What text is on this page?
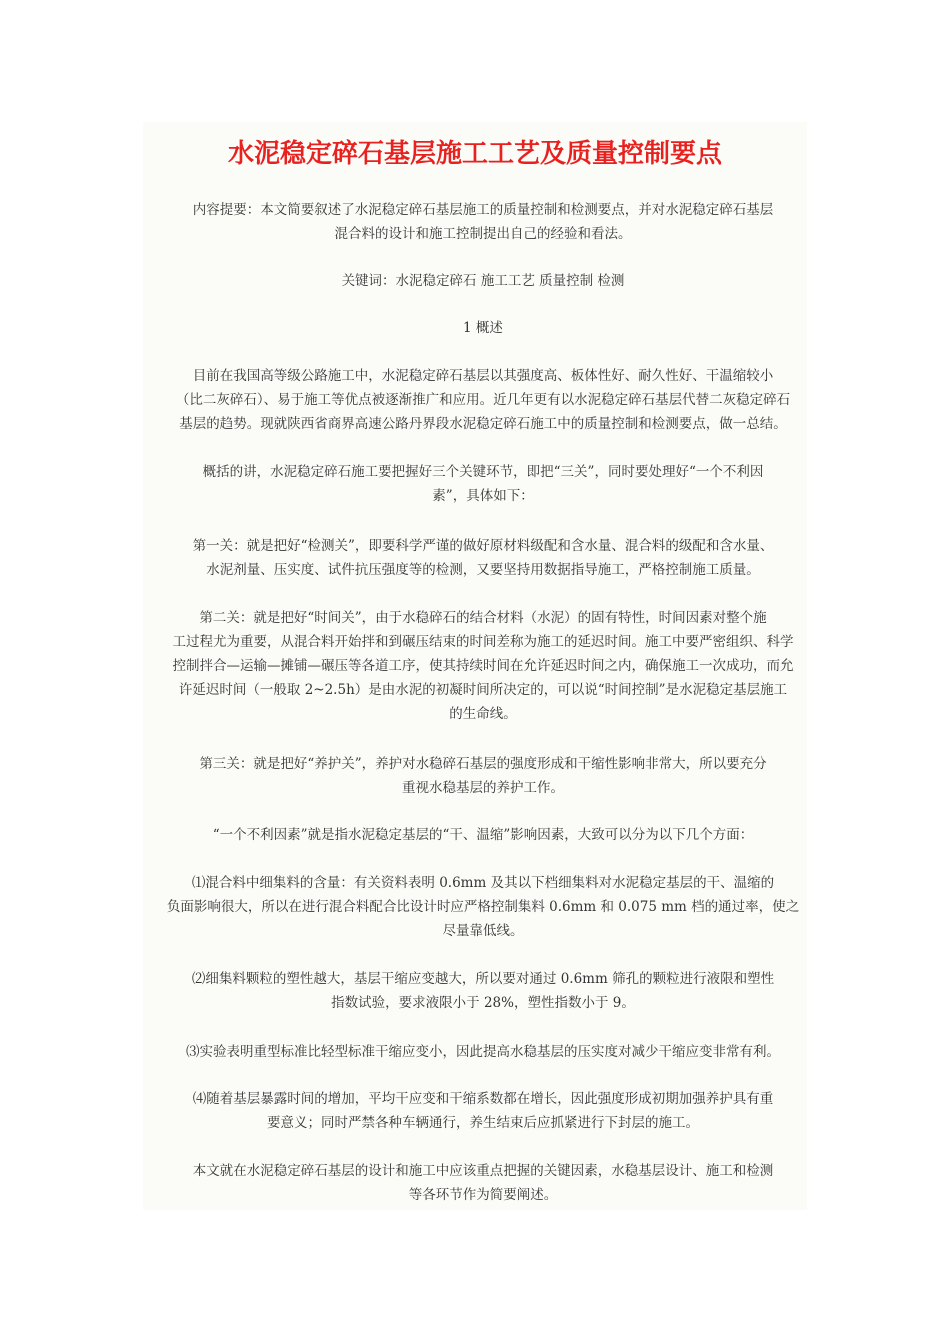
水泥稳定碎石基层施工工艺及质量控制要点
内容提要：本文简要叙述了水泥稳定碎石基层施工的质量控制和检测要点，并对水泥稳定碎石基层
混合料的设计和施工控制提出自己的经验和看法。
关键词：水泥稳定碎石 施工工艺 质量控制 检测
1 概述
目前在我国高等级公路施工中，水泥稳定碎石基层以其强度高、板体性好、耐久性好、干温缩较小
（比二灰碎石）、易于施工等优点被逐渐推广和应用。近几年更有以水泥稳定碎石基层代替二灰稳定碎石
基层的趋势。现就陕西省商界高速公路丹界段水泥稳定碎石施工中的质量控制和检测要点，做一总结。
概括的讲，水泥稳定碎石施工要把握好三个关键环节，即把“三关”，同时要处理好“一个不利因
素”，具体如下：
第一关：就是把好“检测关”，即要科学严谨的做好原材料级配和含水量、混合料的级配和含水量、
水泥剂量、压实度、试件抗压强度等的检测，又要坚持用数据指导施工，严格控制施工质量。
第二关：就是把好“时间关”，由于水稳碎石的结合材料（水泥）的固有特性，时间因素对整个施
工过程尤为重要，从混合料开始拌和到碾压结束的时间差称为施工的延迟时间。施工中要严密组织、科学
控制拌合—运输—摊铺—碾压等各道工序，使其持续时间在允许延迟时间之内，确保施工一次成功，而允
许延迟时间（一般取 2~2.5h）是由水泥的初凝时间所决定的，可以说“时间控制”是水泥稳定基层施工
的生命线。
第三关：就是把好“养护关”，养护对水稳碎石基层的强度形成和干缩性影响非常大，所以要充分
重视水稳基层的养护工作。
“一个不利因素”就是指水泥稳定基层的“干、温缩”影响因素，大致可以分为以下几个方面：
⑴混合料中细集料的含量：有关资料表明 0.6mm 及其以下档细集料对水泥稳定基层的干、温缩的
负面影响很大，所以在进行混合料配合比设计时应严格控制集料 0.6mm 和 0.075 mm 档的通过率，使之
尽量靠低线。
⑵细集料颗粒的塑性越大，基层干缩应变越大，所以要对通过 0.6mm 筛孔的颗粒进行液限和塑性
指数试验，要求液限小于 28%，塑性指数小于 9。
⑶实验表明重型标准比轻型标准干缩应变小，因此提高水稳基层的压实度对减少干缩应变非常有利。
⑷随着基层暴露时间的增加，平均干应变和干缩系数都在增长，因此强度形成初期加强养护具有重
要意义；同时严禁各种车辆通行，养生结束后应抓紧进行下封层的施工。
本文就在水泥稳定碎石基层的设计和施工中应该重点把握的关键因素，水稳基层设计、施工和检测
等各环节作为简要阐述。
